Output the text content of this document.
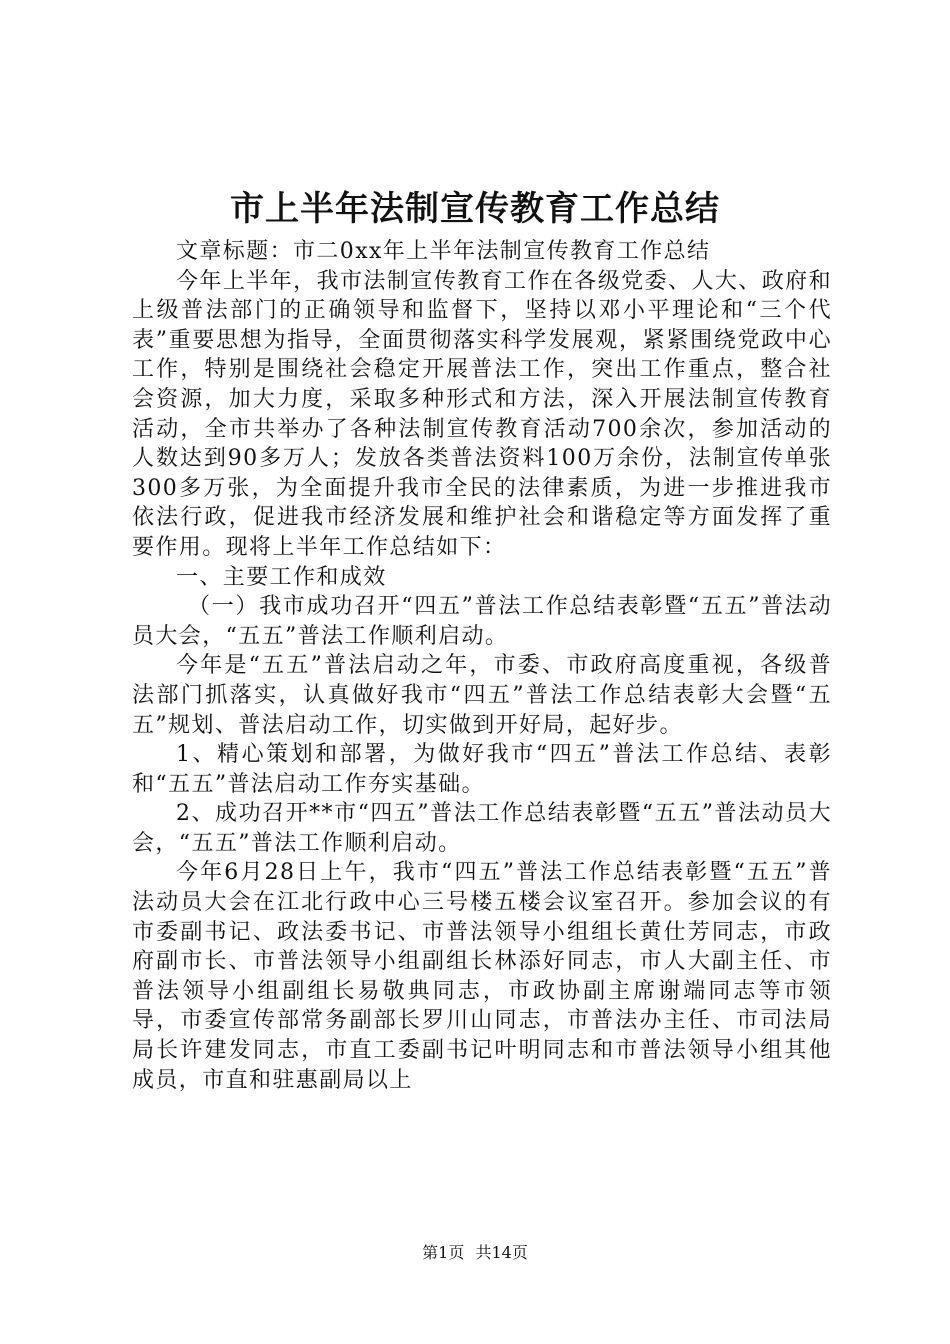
市上半年法制宣传教育工作总结

文章标题：市二0xx年上半年法制宣传教育工作总结

今年上半年，我市法制宣传教育工作在各级党委、人大、政府和上级普法部门的正确领导和监督下，坚持以邓小平理论和“三个代表”重要思想为指导，全面贯彻落实科学发展观，紧紧围绕党政中心工作，特别是围绕社会稳定开展普法工作，突出工作重点，整合社会资源，加大力度，采取多种形式和方法，深入开展法制宣传教育活动，全市共举办了各种法制宣传教育活动700余次，参加活动的人数达到90多万人；发放各类普法资料100万余份，法制宣传单张300多万张，为全面提升我市全民的法律素质，为进一步推进我市依法行政，促进我市经济发展和维护社会和谐稳定等方面发挥了重要作用。现将上半年工作总结如下：

一、主要工作和成效

（一）我市成功召开“四五”普法工作总结表彰暨“五五”普法动员大会，“五五”普法工作顺利启动。

今年是“五五”普法启动之年，市委、市政府高度重视，各级普法部门抓落实，认真做好我市“四五”普法工作总结表彰大会暨“五五”规划、普法启动工作，切实做到开好局，起好步。

1、精心策划和部署，为做好我市“四五”普法工作总结、表彰和“五五”普法启动工作夯实基础。

2、成功召开**市“四五”普法工作总结表彰暨“五五”普法动员大会，“五五”普法工作顺利启动。

今年6月28日上午，我市“四五”普法工作总结表彰暨“五五”普法动员大会在江北行政中心三号楼五楼会议室召开。参加会议的有市委副书记、政法委书记、市普法领导小组组长黄仕芳同志，市政府副市长、市普法领导小组副组长林添好同志，市人大副主任、市普法领导小组副组长易敬典同志，市政协副主席谢端同志等市领导，市委宣传部常务副部长罗川山同志，市普法办主任、市司法局局长许建发同志，市直工委副书记叶明同志和市普法领导小组其他成员，市直和驻惠副局以上

第1页 共14页
